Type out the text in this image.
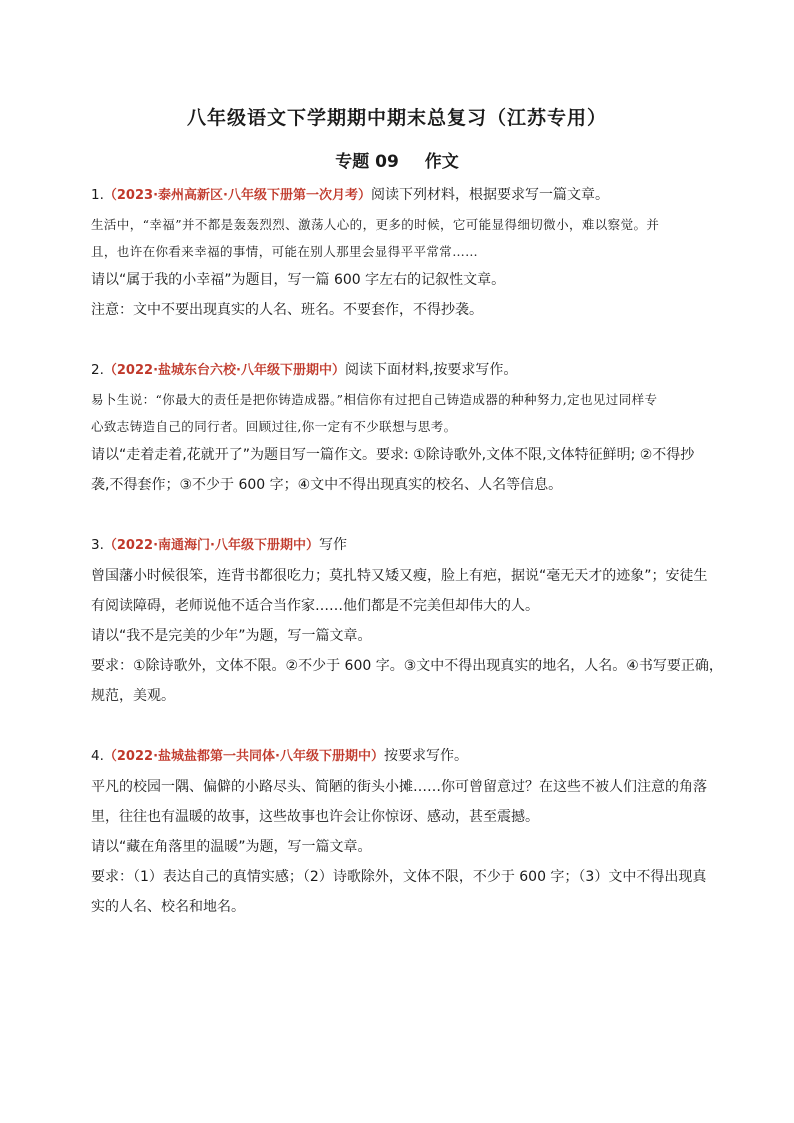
八年级语文下学期期中期末总复习（江苏专用）
专题 09 作文

1.（2023·泰州高新区·八年级下册第一次月考）阅读下列材料，根据要求写一篇文章。

生活中，“幸福”并不都是轰轰烈烈、激荡人心的，更多的时候，它可能显得细切微小，难以察觉。并

且，也许在你看来幸福的事情，可能在别人那里会显得平平常常……

请以“属于我的小幸福”为题目，写一篇 600 字左右的记叙性文章。

注意：文中不要出现真实的人名、班名。不要套作，不得抄袭。

2.（2022·盐城东台六校·八年级下册期中）阅读下面材料,按要求写作。

易卜生说：“你最大的责任是把你铸造成器。”相信你有过把自己铸造成器的种种努力,定也见过同样专

心致志铸造自己的同行者。回顾过往,你一定有不少联想与思考。

请以“走着走着,花就开了”为题目写一篇作文。要求: ①除诗歌外,文体不限,文体特征鲜明; ②不得抄

袭,不得套作；③不少于 600 字；④文中不得出现真实的校名、人名等信息。

3.（2022·南通海门·八年级下册期中）写作

曾国藩小时候很笨，连背书都很吃力；莫扎特又矮又瘦，脸上有疤，据说“毫无天才的迹象”；安徒生

有阅读障碍，老师说他不适合当作家……他们都是不完美但却伟大的人。

请以“我不是完美的少年”为题，写一篇文章。

要求：①除诗歌外，文体不限。②不少于 600 字。③文中不得出现真实的地名，人名。④书写要正确，

规范，美观。

4.（2022·盐城盐都第一共同体·八年级下册期中）按要求写作。

平凡的校园一隅、偏僻的小路尽头、简陋的街头小摊……你可曾留意过？在这些不被人们注意的角落

里，往往也有温暖的故事，这些故事也许会让你惊讶、感动，甚至震撼。

请以“藏在角落里的温暖”为题，写一篇文章。

要求：（1）表达自己的真情实感；（2）诗歌除外，文体不限，不少于 600 字；（3）文中不得出现真

实的人名、校名和地名。
